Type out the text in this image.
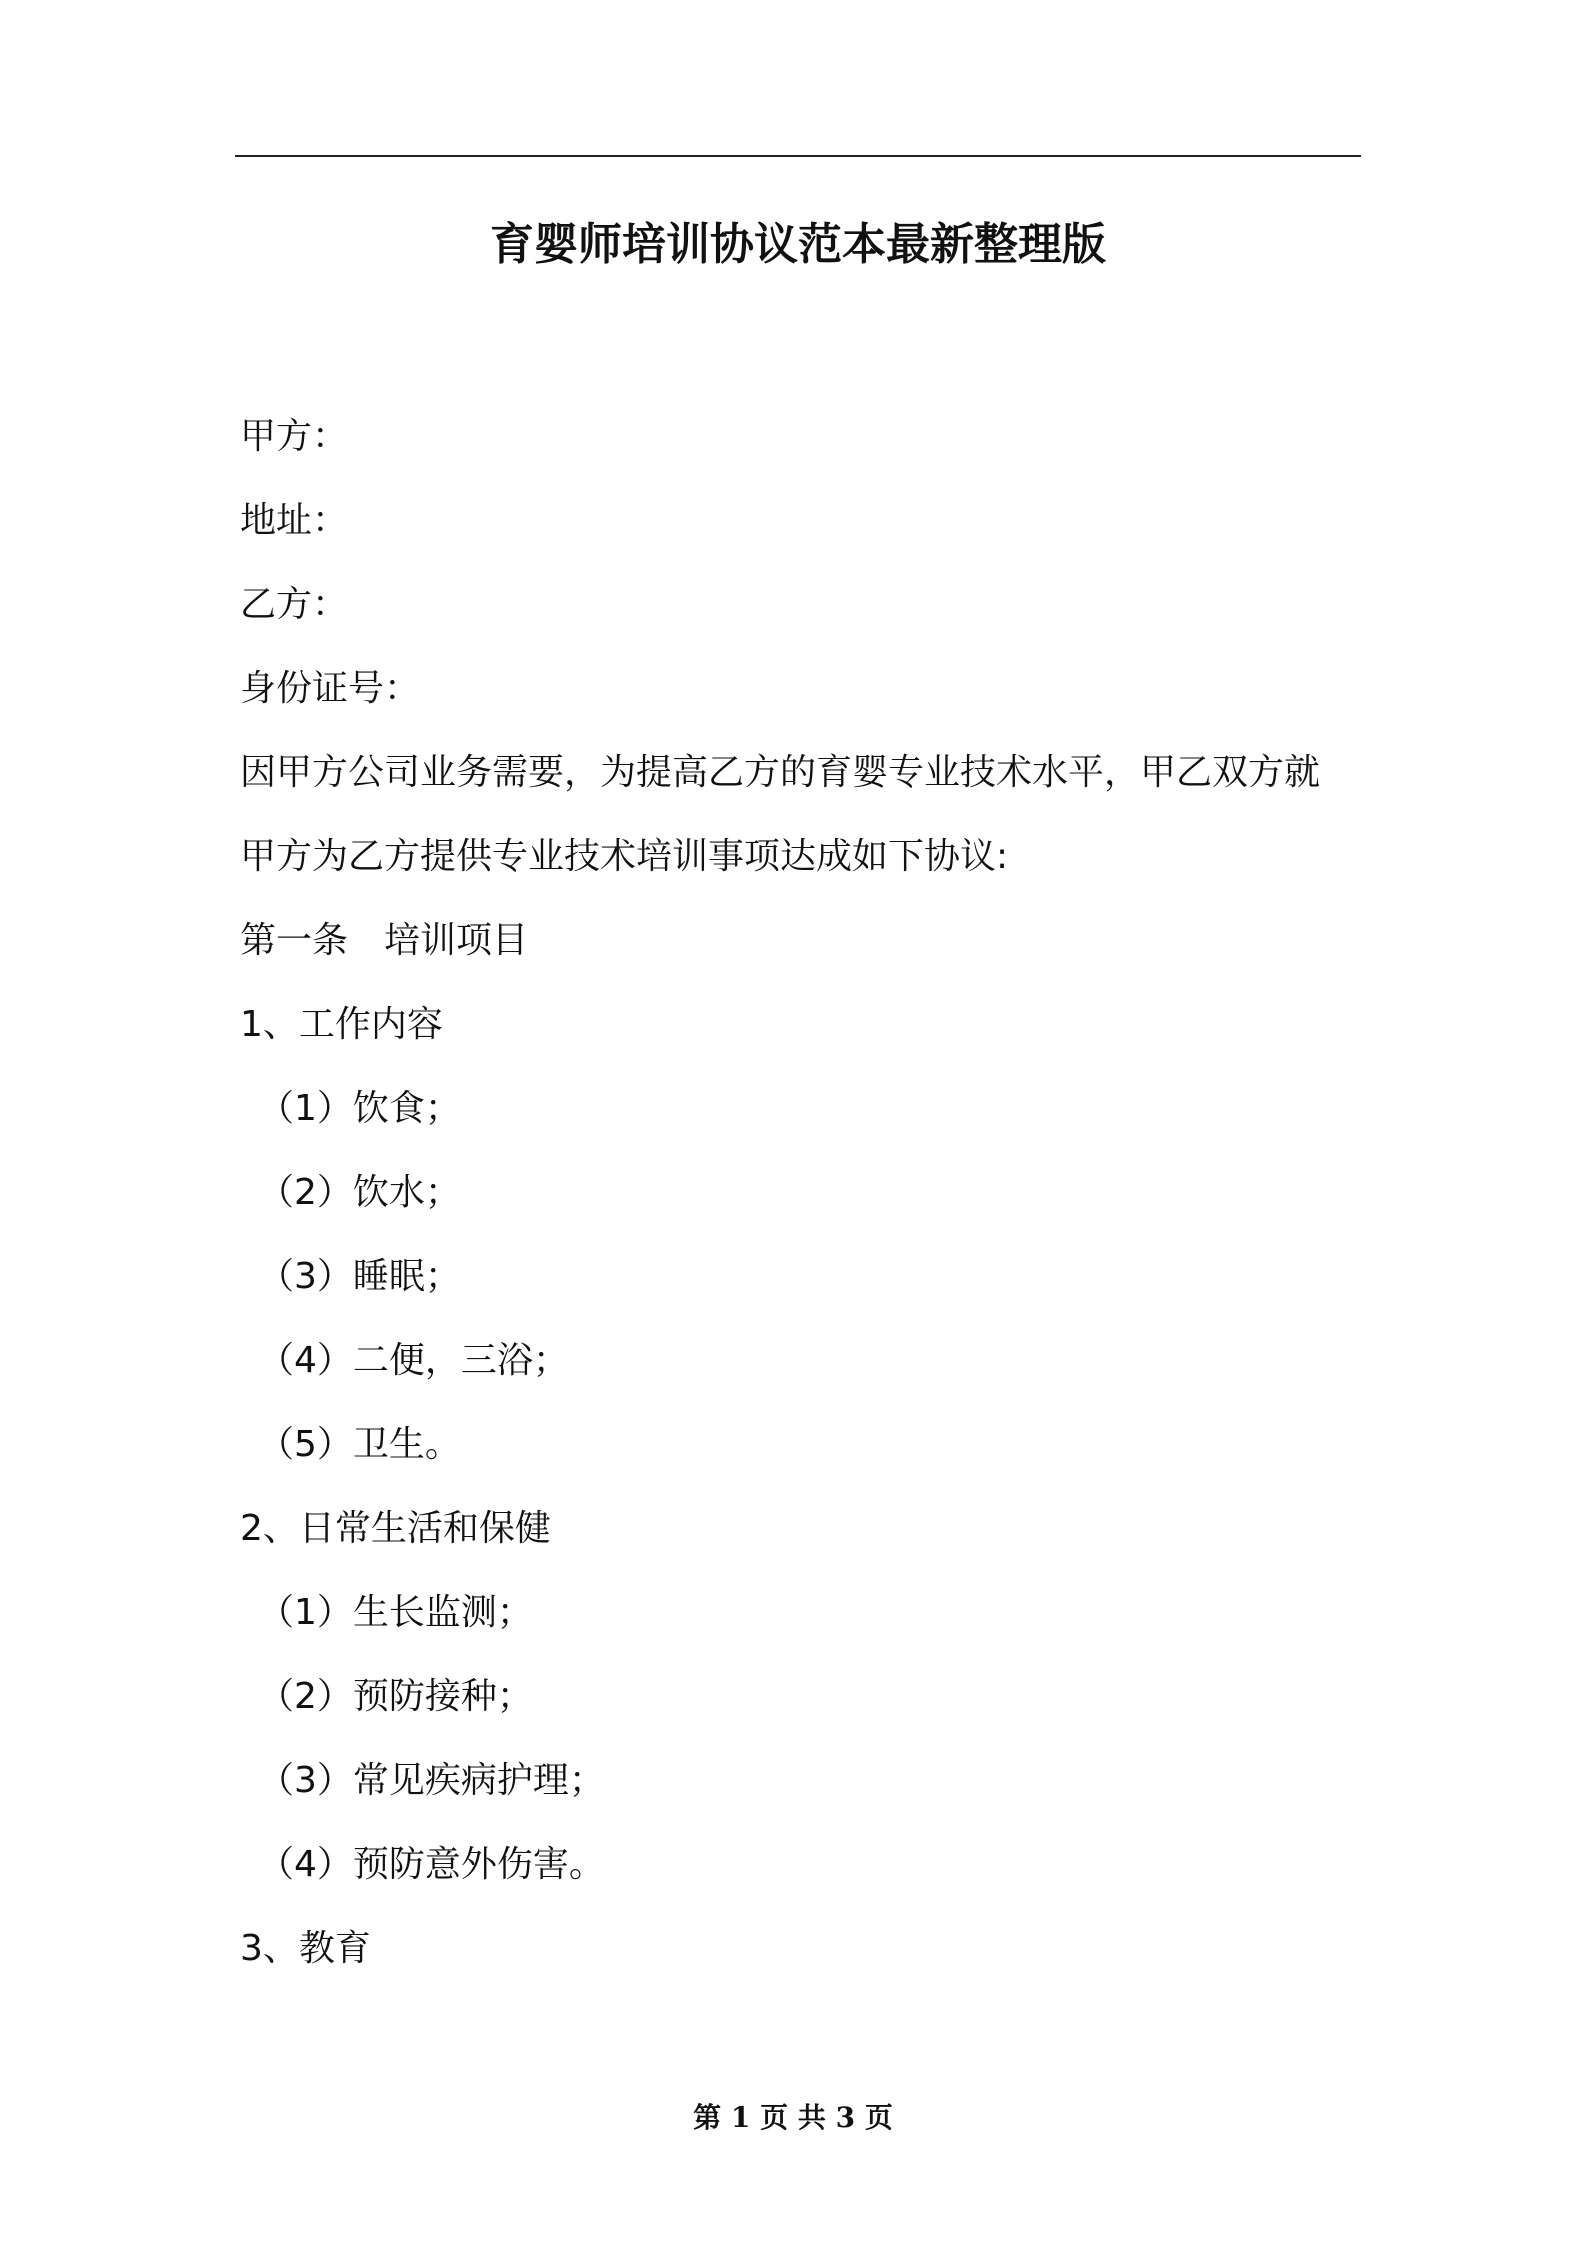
育婴师培训协议范本最新整理版
甲方：
地址：
乙方：
身份证号：
因甲方公司业务需要，为提高乙方的育婴专业技术水平，甲乙双方就
甲方为乙方提供专业技术培训事项达成如下协议:
第一条　培训项目
1、工作内容
（1）饮食；
（2）饮水；
（3）睡眠；
（4）二便，三浴；
（5）卫生。
2、日常生活和保健
（1）生长监测；
（2）预防接种；
（3）常见疾病护理；
（4）预防意外伤害。
3、教育
第 1 页 共 3 页
